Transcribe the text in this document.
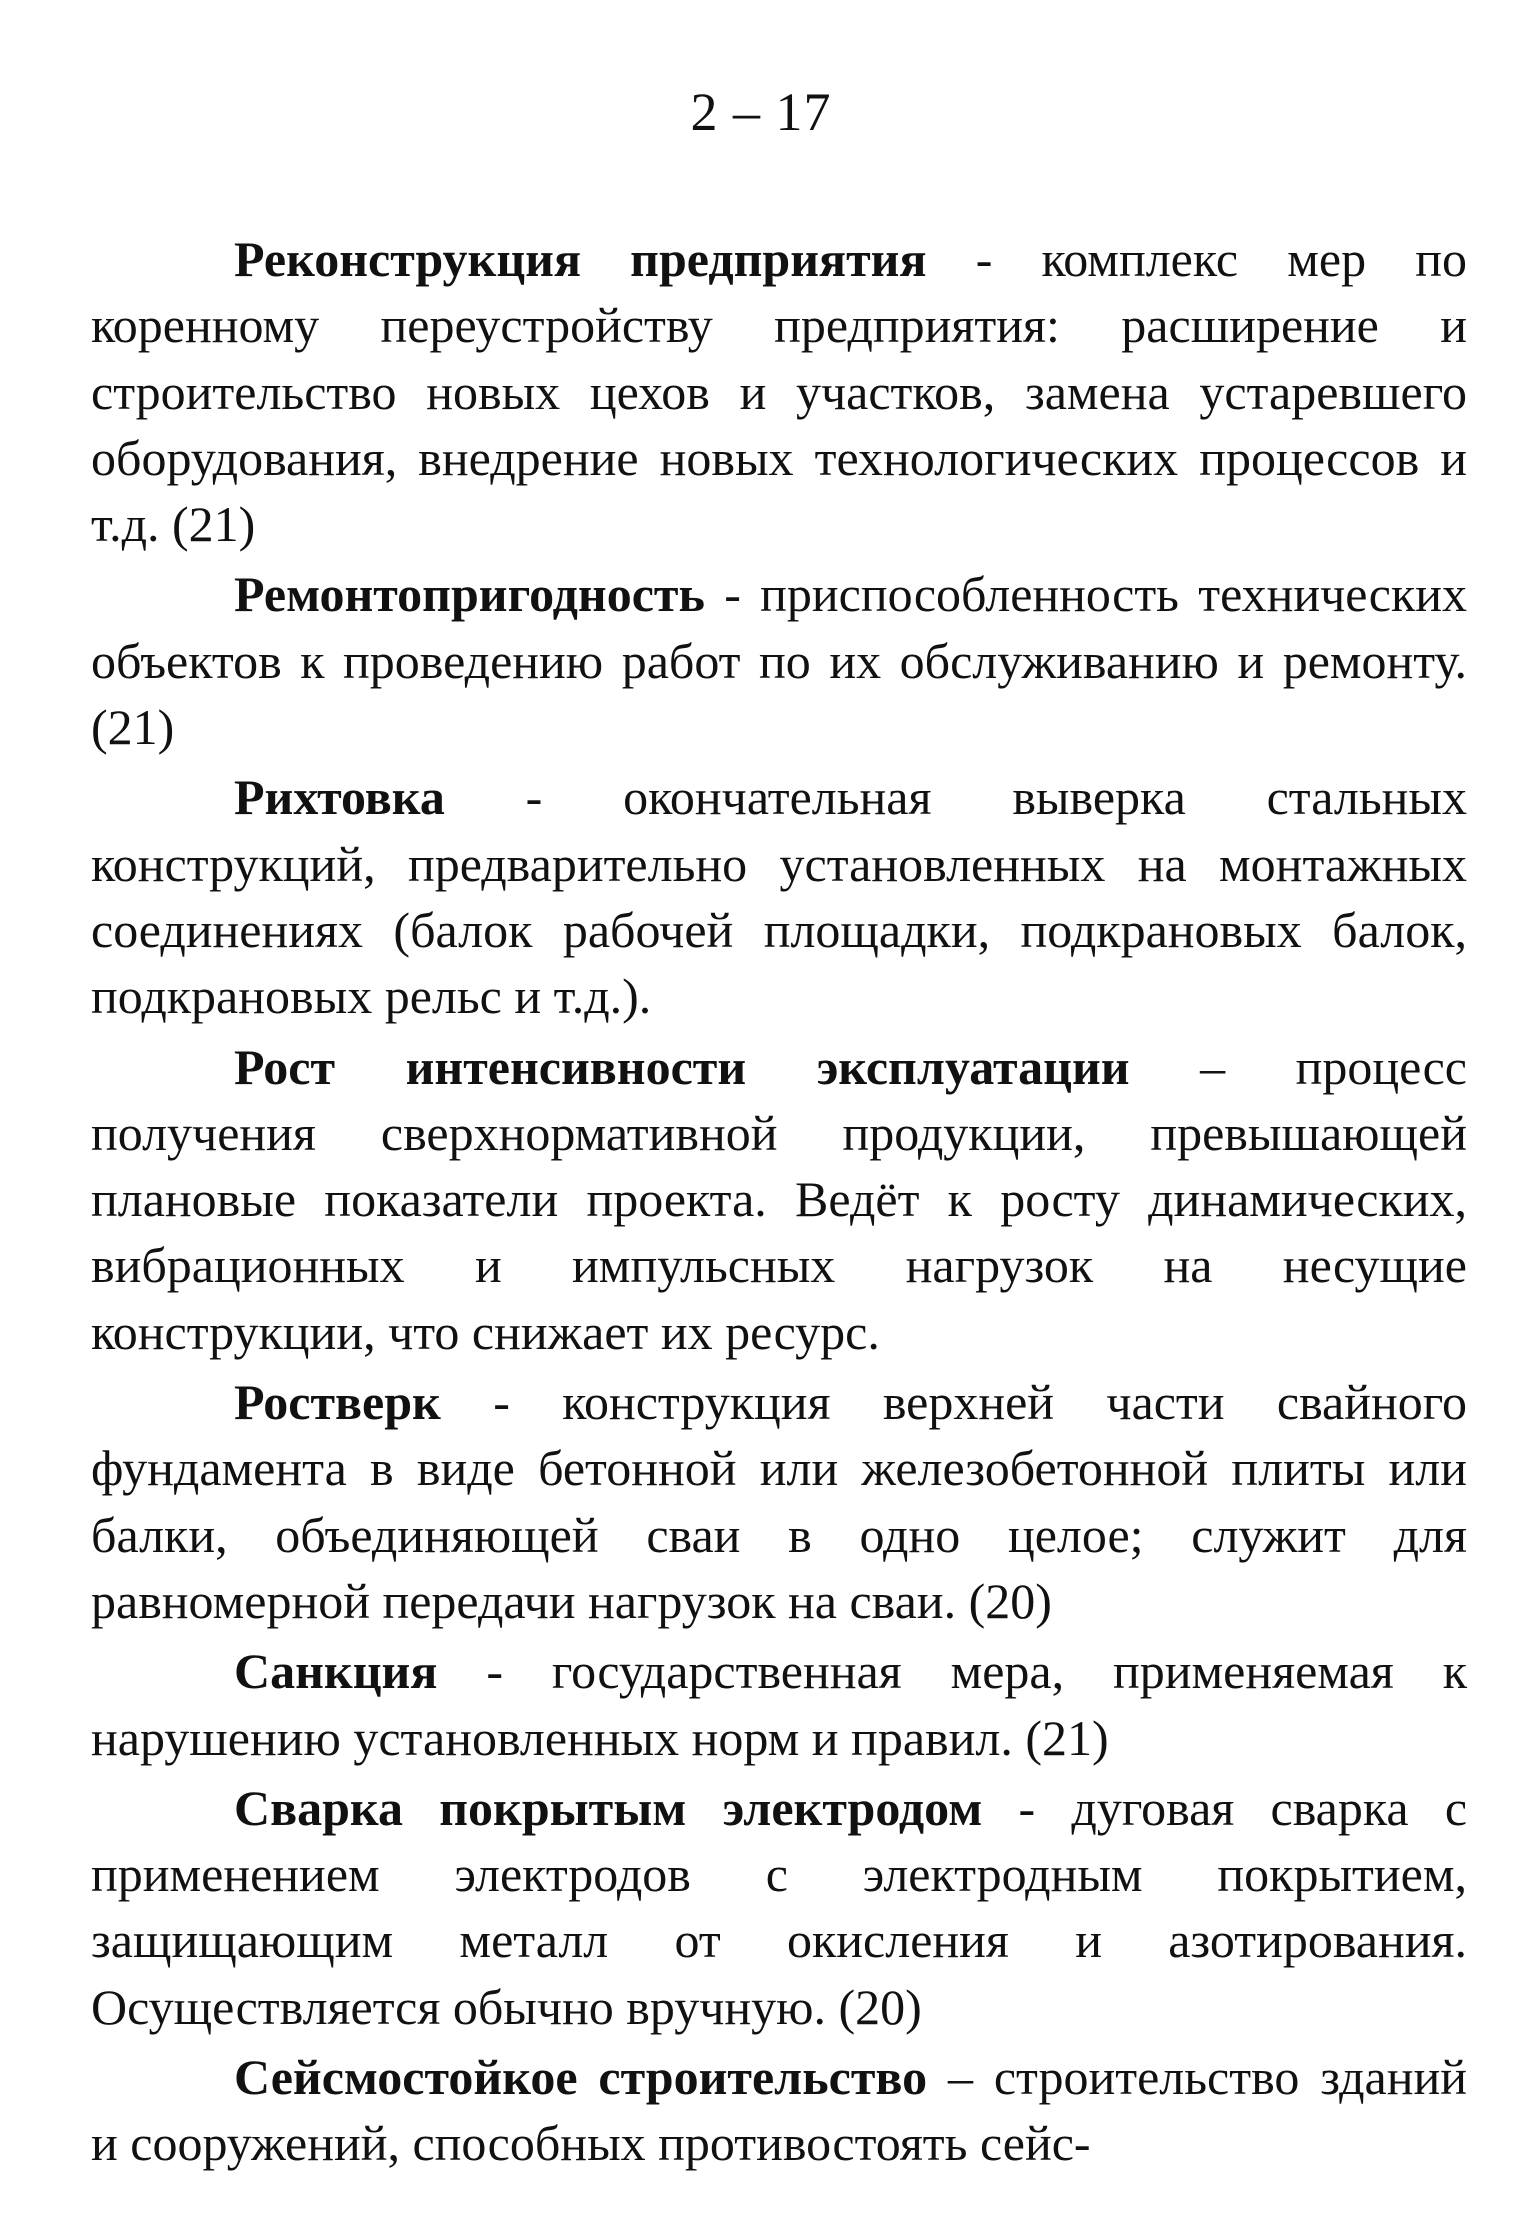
2 – 17

Реконструкция предприятия - комплекс мер по коренному переустройству предприятия: расширение и строительство новых цехов и участков, замена устаревшего оборудования, внедрение новых технологических процессов и т.д. (21)

Ремонтопригодность - приспособленность технических объектов к проведению работ по их обслуживанию и ремонту. (21)

Рихтовка - окончательная выверка стальных конструкций, предварительно установленных на монтажных соединениях (балок рабочей площадки, подкрановых балок, подкрановых рельс и т.д.).

Рост интенсивности эксплуатации – процесс получения сверхнормативной продукции, превышающей плановые показатели проекта. Ведёт к росту динамических, вибрационных и импульсных нагрузок на несущие конструкции, что снижает их ресурс.

Ростверк - конструкция верхней части свайного фундамента в виде бетонной или железобетонной плиты или балки, объединяющей сваи в одно целое; служит для равномерной передачи нагрузок на сваи. (20)

Санкция - государственная мера, применяемая к нарушению установленных норм и правил. (21)

Сварка покрытым электродом - дуговая сварка с применением электродов с электродным покрытием, защищающим металл от окисления и азотирования. Осуществляется обычно вручную. (20)

Сейсмостойкое строительство – строительство зданий и сооружений, способных противостоять сейс-
